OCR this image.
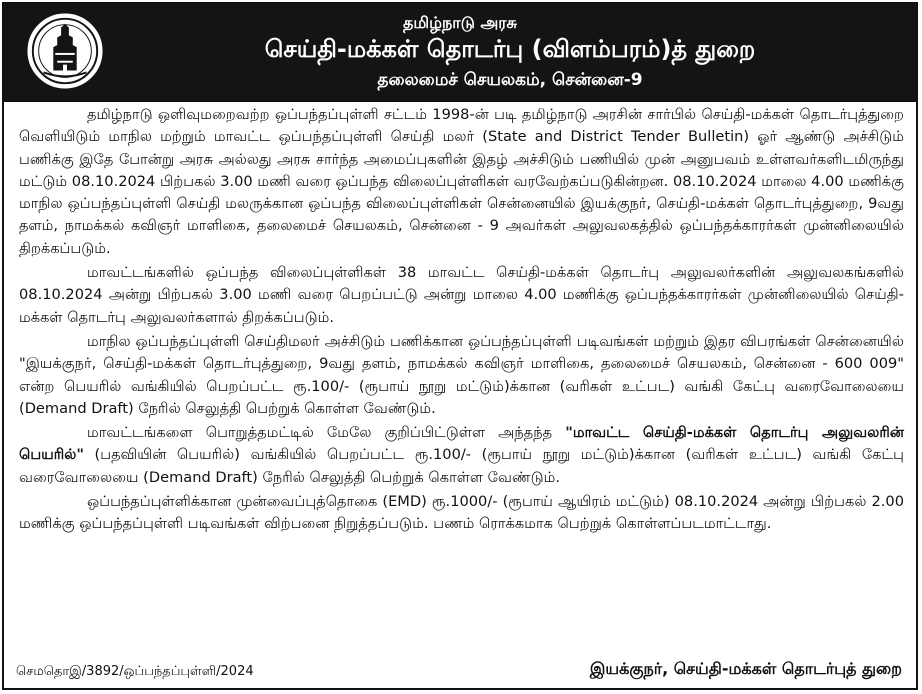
தமிழ்நாடு அரசு
செய்தி-மக்கள் தொடர்பு (விளம்பரம்)த் துறை
தலைமைச் செயலகம், சென்னை-9

தமிழ்நாடு ஒளிவுமறைவற்ற ஒப்பந்தப்புள்ளி சட்டம் 1998-ன் படி தமிழ்நாடு அரசின் சார்பில் செய்தி-மக்கள் தொடர்புத்துறை வெளியிடும் மாநில மற்றும் மாவட்ட ஒப்பந்தப்புள்ளி செய்தி மலர் (State and District Tender Bulletin) ஓர் ஆண்டு அச்சிடும் பணிக்கு இதே போன்று அரசு அல்லது அரசு சார்ந்த அமைப்புகளின் இதழ் அச்சிடும் பணியில் முன் அனுபவம் உள்ளவர்களிடமிருந்து மட்டும் 08.10.2024 பிற்பகல் 3.00 மணி வரை ஒப்பந்த விலைப்புள்ளிகள் வரவேற்கப்படுகின்றன. 08.10.2024 மாலை 4.00 மணிக்கு மாநில ஒப்பந்தப்புள்ளி செய்தி மலருக்கான ஒப்பந்த விலைப்புள்ளிகள் சென்னையில் இயக்குநர், செய்தி-மக்கள் தொடர்புத்துறை, 9வது தளம், நாமக்கல் கவிஞர் மாளிகை, தலைமைச் செயலகம், சென்னை - 9 அவர்கள் அலுவலகத்தில் ஒப்பந்தக்காரர்கள் முன்னிலையில் திறக்கப்படும்.

மாவட்டங்களில் ஒப்பந்த விலைப்புள்ளிகள் 38 மாவட்ட செய்தி-மக்கள் தொடர்பு அலுவலர்களின் அலுவலகங்களில் 08.10.2024 அன்று பிற்பகல் 3.00 மணி வரை பெறப்பட்டு அன்று மாலை 4.00 மணிக்கு ஒப்பந்தக்காரர்கள் முன்னிலையில் செய்தி-மக்கள் தொடர்பு அலுவலர்களால் திறக்கப்படும்.

மாநில ஒப்பந்தப்புள்ளி செய்திமலர் அச்சிடும் பணிக்கான ஒப்பந்தப்புள்ளி படிவங்கள் மற்றும் இதர விபரங்கள் சென்னையில் "இயக்குநர், செய்தி-மக்கள் தொடர்புத்துறை, 9வது தளம், நாமக்கல் கவிஞர் மாளிகை, தலைமைச் செயலகம், சென்னை - 600 009" என்ற பெயரில் வங்கியில் பெறப்பட்ட ரூ.100/- (ரூபாய் நூறு மட்டும்)க்கான (வரிகள் உட்பட) வங்கி கேட்பு வரைவோலையை (Demand Draft) நேரில் செலுத்தி பெற்றுக் கொள்ள வேண்டும்.

மாவட்டங்களை பொறுத்தமட்டில் மேலே குறிப்பிட்டுள்ள அந்தந்த "மாவட்ட செய்தி-மக்கள் தொடர்பு அலுவலரின் பெயரில்" (பதவியின் பெயரில்) வங்கியில் பெறப்பட்ட ரூ.100/- (ரூபாய் நூறு மட்டும்)க்கான (வரிகள் உட்பட) வங்கி கேட்பு வரைவோலையை (Demand Draft) நேரில் செலுத்தி பெற்றுக் கொள்ள வேண்டும்.

ஒப்பந்தப்புள்ளிக்கான முன்வைப்புத்தொகை (EMD) ரூ.1000/- (ரூபாய் ஆயிரம் மட்டும்) 08.10.2024 அன்று பிற்பகல் 2.00 மணிக்கு ஒப்பந்தப்புள்ளி படிவங்கள் விற்பனை நிறுத்தப்படும். பணம் ரொக்கமாக பெற்றுக் கொள்ளப்படமாட்டாது.

செமதொஇ/3892/ஒப்பந்தப்புள்ளி/2024	இயக்குநர், செய்தி-மக்கள் தொடர்புத் துறை
